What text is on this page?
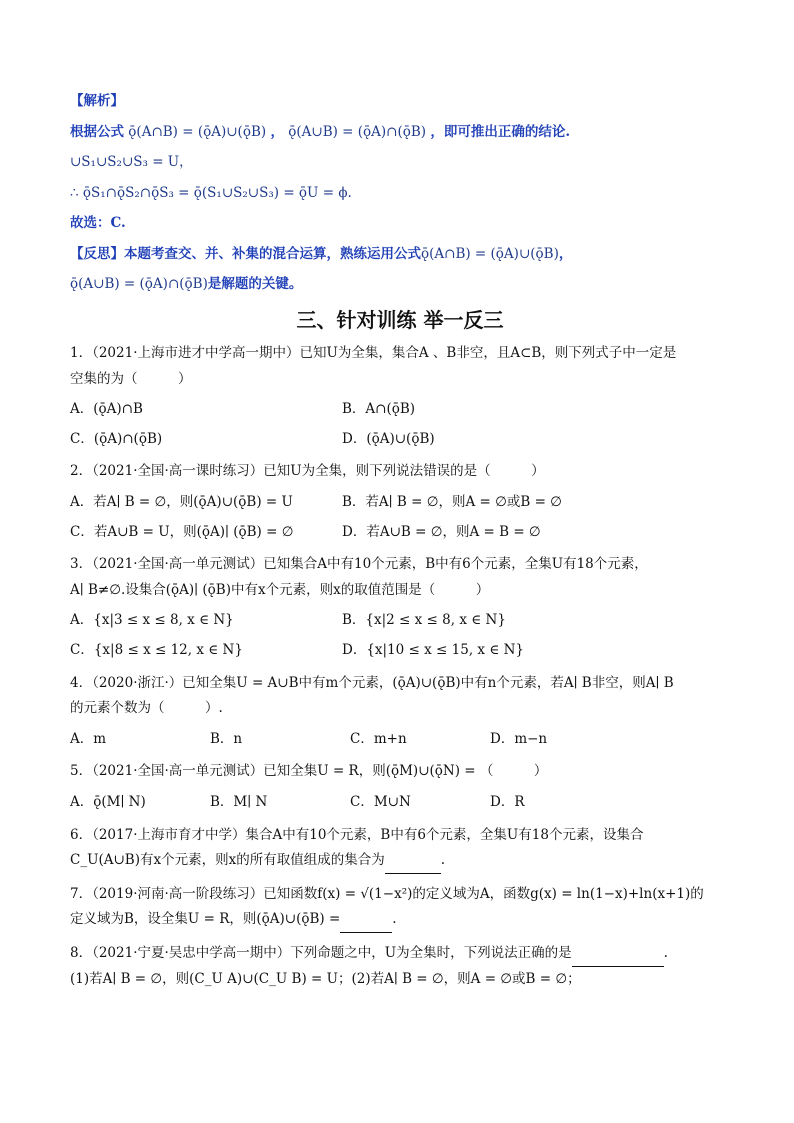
【解析】
根据公式 ǭ(A∩B) = (ǭA)∪(ǭB) ， ǭ(A∪B) = (ǭA)∩(ǭB) ，即可推出正确的结论.
∪S₁∪S₂∪S₃ = U，
∴ ǭS₁∩ǭS₂∩ǭS₃ = ǭ(S₁∪S₂∪S₃) = ǭU = ϕ.
故选：C.
【反思】本题考查交、并、补集的混合运算，熟练运用公式ǭ(A∩B) = (ǭA)∪(ǭB)，
ǭ(A∪B) = (ǭA)∩(ǭB)是解题的关键。
三、针对训练 举一反三
1．（2021·上海市进才中学高一期中）已知U为全集，集合A 、B非空，且A⊂B，则下列式子中一定是
空集的为（　　　）
A．(ǭA)∩B	B．A∩(ǭB)
C．(ǭA)∩(ǭB)	D．(ǭA)∪(ǭB)
2．（2021·全国·高一课时练习）已知U为全集，则下列说法错误的是（　　　）
A．若A∣ B = ∅，则(ǭA)∪(ǭB) = U	B．若A∣ B = ∅，则A = ∅或B = ∅
C．若A∪B = U，则(ǭA)∣ (ǭB) = ∅	D．若A∪B = ∅，则A = B = ∅
3．（2021·全国·高一单元测试）已知集合A中有10个元素，B中有6个元素，全集U有18个元素，
A∣ B≠∅.设集合(ǭA)∣ (ǭB)中有x个元素，则x的取值范围是（　　　）
A．{x|3 ≤ x ≤ 8, x ∈ N}	B．{x|2 ≤ x ≤ 8, x ∈ N}
C．{x|8 ≤ x ≤ 12, x ∈ N}	D．{x|10 ≤ x ≤ 15, x ∈ N}
4．（2020·浙江·）已知全集U = A∪B中有m个元素，(ǭA)∪(ǭB)中有n个元素，若A∣ B非空，则A∣ B
的元素个数为（　　　）.
A．m	B．n	C．m+n	D．m−n
5．（2021·全国·高一单元测试）已知全集U = R，则(ǭM)∪(ǭN) = （　　　）
A．ǭ(M∣ N)	B．M∣ N	C．M∪N	D．R
6．（2017·上海市育才中学）集合A中有10个元素，B中有6个元素，全集U有18个元素，设集合
C_U(A∪B)有x个元素，则x的所有取值组成的集合为	.
7．（2019·河南·高一阶段练习）已知函数f(x) = √(1−x²)的定义域为A，函数g(x) = ln(1−x)+ln(x+1)的
定义域为B，设全集U = R，则(ǭA)∪(ǭB) =	.
8．（2021·宁夏·吴忠中学高一期中）下列命题之中，U为全集时，下列说法正确的是	.
(1)若A∣ B = ∅，则(C_U A)∪(C_U B) = U；(2)若A∣ B = ∅，则A = ∅或B = ∅；
